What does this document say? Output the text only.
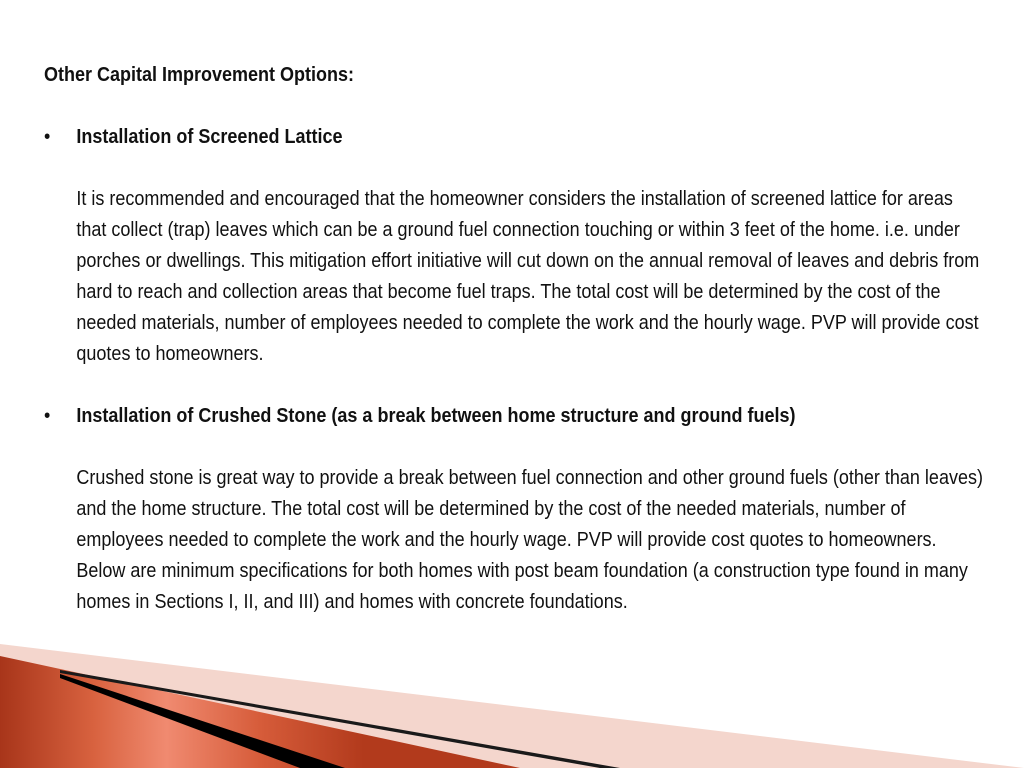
Other Capital Improvement Options:

• Installation of Screened Lattice

It is recommended and encouraged that the homeowner considers the installation of screened lattice for areas that collect (trap) leaves which can be a ground fuel connection touching or within 3 feet of the home. i.e. under porches or dwellings. This mitigation effort initiative will cut down on the annual removal of leaves and debris from hard to reach and collection areas that become fuel traps. The total cost will be determined by the cost of the needed materials, number of employees needed to complete the work and the hourly wage. PVP will provide cost quotes to homeowners.

• Installation of Crushed Stone (as a break between home structure and ground fuels)

Crushed stone is great way to provide a break between fuel connection and other ground fuels (other than leaves) and the home structure. The total cost will be determined by the cost of the needed materials, number of employees needed to complete the work and the hourly wage. PVP will provide cost quotes to homeowners. Below are minimum specifications for both homes with post beam foundation (a construction type found in many homes in Sections I, II, and III) and homes with concrete foundations.
